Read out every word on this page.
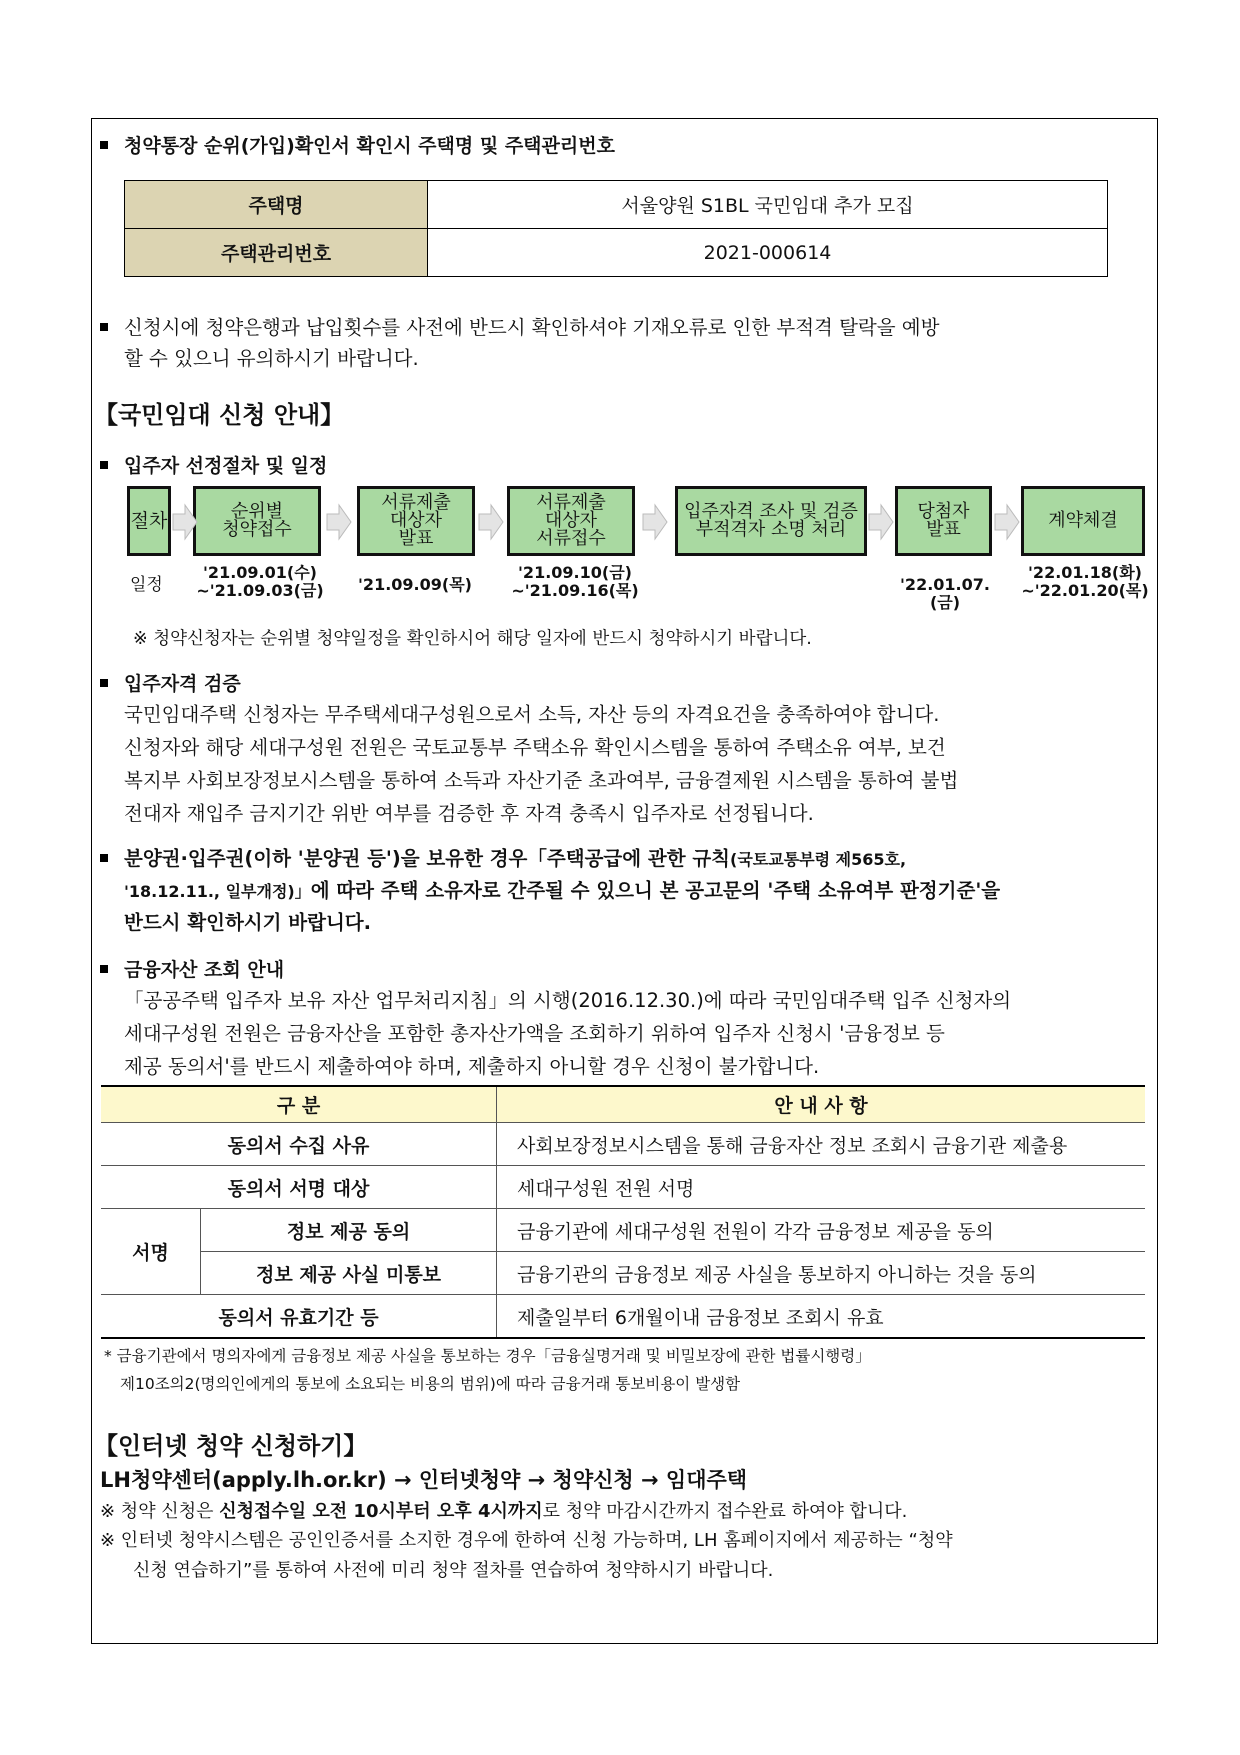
청약통장 순위(가입)확인서 확인시 주택명 및 주택관리번호
주택명	서울양원 S1BL 국민임대 추가 모집
주택관리번호	2021-000614
신청시에 청약은행과 납입횟수를 사전에 반드시 확인하셔야 기재오류로 인한 부적격 탈락을 예방
할 수 있으니 유의하시기 바랍니다.
【국민임대 신청 안내】
입주자 선정절차 및 일정
절차	순위별
청약접수
서류제출
대상자
발표
서류제출
대상자
서류접수
입주자격 조사 및 검증
부적격자 소명 처리
당첨자
발표	계약체결
일정
'21.09.01(수)
~'21.09.03(금)	'21.09.09(목)
'21.09.10(금)
~'21.09.16(목)	'22.01.07.(금)
'22.01.18(화)
~'22.01.20(목)
※ 청약신청자는 순위별 청약일정을 확인하시어 해당 일자에 반드시 청약하시기 바랍니다.
입주자격 검증
국민임대주택 신청자는 무주택세대구성원으로서 소득, 자산 등의 자격요건을 충족하여야 합니다.
신청자와 해당 세대구성원 전원은 국토교통부 주택소유 확인시스템을 통하여 주택소유 여부, 보건
복지부 사회보장정보시스템을 통하여 소득과 자산기준 초과여부, 금융결제원 시스템을 통하여 불법
전대자 재입주 금지기간 위반 여부를 검증한 후 자격 충족시 입주자로 선정됩니다.
분양권·입주권(이하 '분양권 등')을 보유한 경우「주택공급에 관한 규칙(국토교통부령 제565호,
'18.12.11., 일부개정)」에 따라 주택 소유자로 간주될 수 있으니 본 공고문의 '주택 소유여부 판정기준'을
반드시 확인하시기 바랍니다.
금융자산 조회 안내
「공공주택 입주자 보유 자산 업무처리지침」의 시행(2016.12.30.)에 따라 국민임대주택 입주 신청자의
세대구성원 전원은 금융자산을 포함한 총자산가액을 조회하기 위하여 입주자 신청시 '금융정보 등
제공 동의서'를 반드시 제출하여야 하며, 제출하지 아니할 경우 신청이 불가합니다.
구 분		안 내 사 항
동의서 수집 사유		사회보장정보시스템을 통해 금융자산 정보 조회시 금융기관 제출용
동의서 서명 대상		세대구성원 전원 서명
서명	정보 제공 동의	금융기관에 세대구성원 전원이 각각 금융정보 제공을 동의
	정보 제공 사실 미통보	금융기관의 금융정보 제공 사실을 통보하지 아니하는 것을 동의
동의서 유효기간 등		제출일부터 6개월이내 금융정보 조회시 유효
* 금융기관에서 명의자에게 금융정보 제공 사실을 통보하는 경우「금융실명거래 및 비밀보장에 관한 법률시행령」
제10조의2(명의인에게의 통보에 소요되는 비용의 범위)에 따라 금융거래 통보비용이 발생함
【인터넷 청약 신청하기】
LH청약센터(apply.lh.or.kr) → 인터넷청약 → 청약신청 → 임대주택
※ 청약 신청은 신청접수일 오전 10시부터 오후 4시까지로 청약 마감시간까지 접수완료 하여야 합니다.
※ 인터넷 청약시스템은 공인인증서를 소지한 경우에 한하여 신청 가능하며, LH 홈페이지에서 제공하는 “청약
신청 연습하기”를 통하여 사전에 미리 청약 절차를 연습하여 청약하시기 바랍니다.
